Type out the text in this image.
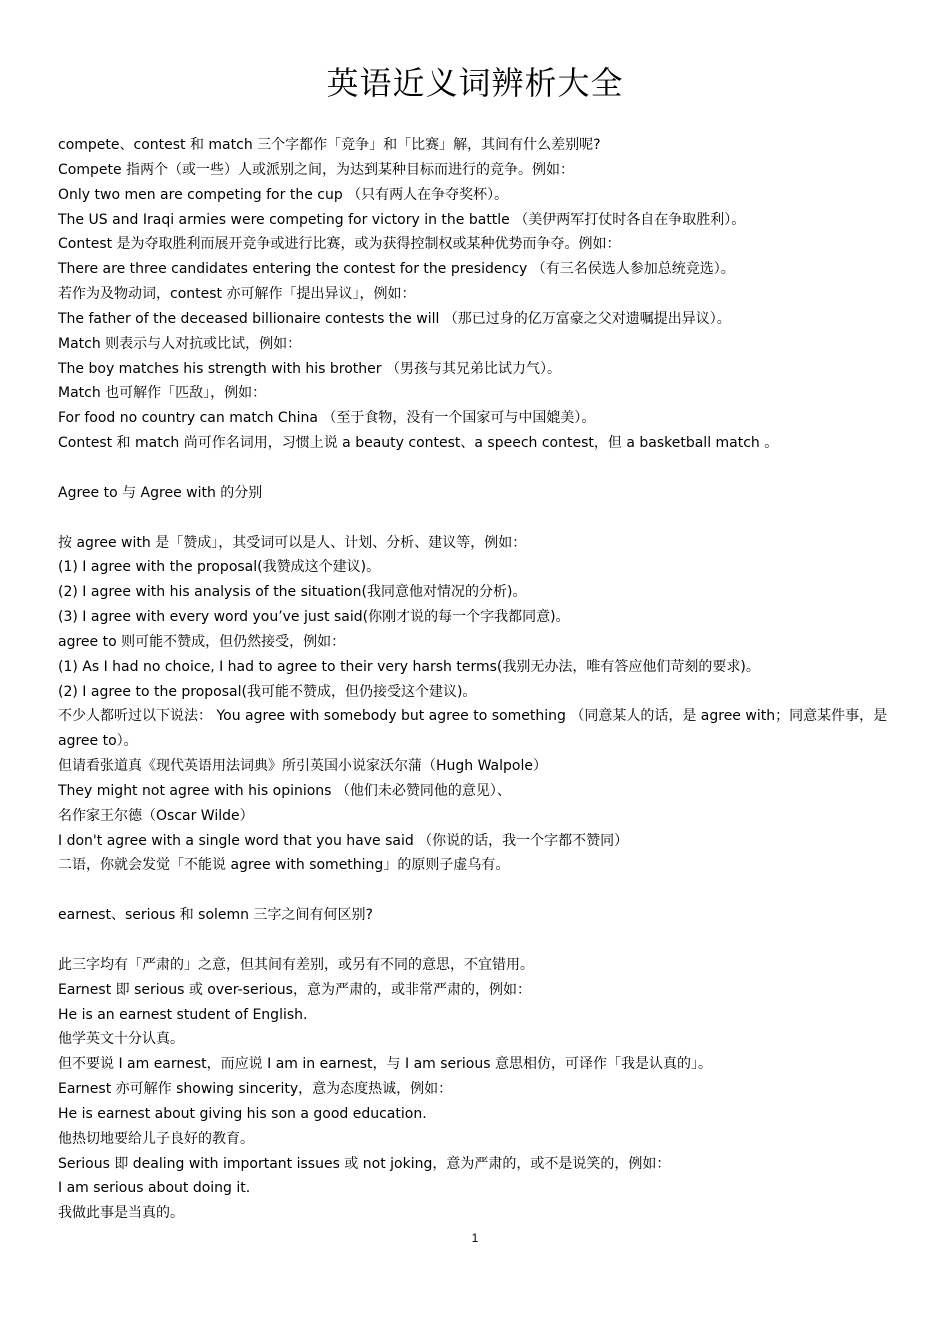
英语近义词辨析大全
compete、contest 和 match 三个字都作「竞争」和「比赛」解，其间有什么差别呢?
Compete 指两个（或一些）人或派别之间，为达到某种目标而进行的竞争。例如：
Only two men are competing for the cup （只有两人在争夺奖杯）。
The US and Iraqi armies were competing for victory in the battle （美伊两军打仗时各自在争取胜利）。
Contest 是为夺取胜利而展开竞争或进行比赛，或为获得控制权或某种优势而争夺。例如：
There are three candidates entering the contest for the presidency （有三名侯选人参加总统竞选）。
若作为及物动词，contest 亦可解作「提出异议」，例如：
The father of the deceased billionaire contests the will （那已过身的亿万富豪之父对遗嘱提出异议）。
Match 则表示与人对抗或比试，例如：
The boy matches his strength with his brother （男孩与其兄弟比试力气）。
Match 也可解作「匹敌」，例如：
For food no country can match China （至于食物，没有一个国家可与中国媲美）。
Contest 和 match 尚可作名词用，习惯上说 a beauty contest、a speech contest，但 a basketball match 。
Agree to 与 Agree with 的分别
按 agree with 是「赞成」，其受词可以是人、计划、分析、建议等，例如：
(1) I agree with the proposal(我赞成这个建议)。
(2) I agree with his analysis of the situation(我同意他对情况的分析)。
(3) I agree with every word you’ve just said(你刚才说的每一个字我都同意)。
agree to 则可能不赞成，但仍然接受，例如：
(1) As I had no choice, I had to agree to their very harsh terms(我别无办法，唯有答应他们苛刻的要求)。
(2) I agree to the proposal(我可能不赞成，但仍接受这个建议)。
不少人都听过以下说法： You agree with somebody but agree to something （同意某人的话，是 agree with；同意某件事，是 agree to）。
但请看张道真《现代英语用法词典》所引英国小说家沃尔蒲（Hugh Walpole）
They might not agree with his opinions （他们未必赞同他的意见）、
名作家王尔德（Oscar Wilde）
I don't agree with a single word that you have said （你说的话，我一个字都不赞同）
二语，你就会发觉「不能说 agree with something」的原则子虚乌有。
earnest、serious 和 solemn 三字之间有何区别?
此三字均有「严肃的」之意，但其间有差别，或另有不同的意思，不宜错用。
Earnest 即 serious 或 over-serious，意为严肃的，或非常严肃的，例如：
He is an earnest student of English.
他学英文十分认真。
但不要说 I am earnest，而应说 I am in earnest，与 I am serious 意思相仿，可译作「我是认真的」。
Earnest 亦可解作 showing sincerity，意为态度热诚，例如：
He is earnest about giving his son a good education.
他热切地要给儿子良好的教育。
Serious 即 dealing with important issues 或 not joking，意为严肃的，或不是说笑的，例如：
I am serious about doing it.
我做此事是当真的。
1
